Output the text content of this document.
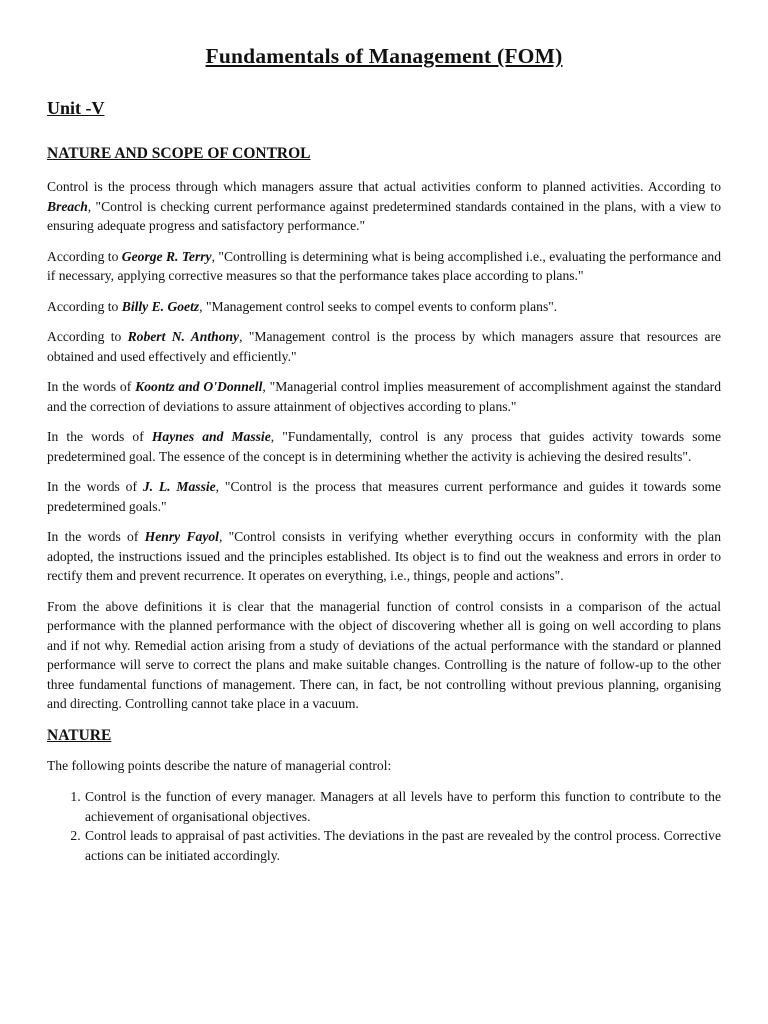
Fundamentals of Management (FOM)
Unit -V
NATURE AND SCOPE OF CONTROL

Control is the process through which managers assure that actual activities conform to planned activities. According to Breach, "Control is checking current performance against predetermined standards contained in the plans, with a view to ensuring adequate progress and satisfactory performance."

According to George R. Terry, "Controlling is determining what is being accomplished i.e., evaluating the performance and if necessary, applying corrective measures so that the performance takes place according to plans."

According to Billy E. Goetz, "Management control seeks to compel events to conform plans".

According to Robert N. Anthony, "Management control is the process by which managers assure that resources are obtained and used effectively and efficiently."

In the words of Koontz and O'Donnell, "Managerial control implies measurement of accomplishment against the standard and the correction of deviations to assure attainment of objectives according to plans."

In the words of Haynes and Massie, "Fundamentally, control is any process that guides activity towards some predetermined goal. The essence of the concept is in determining whether the activity is achieving the desired results".

In the words of J. L. Massie, "Control is the process that measures current performance and guides it towards some predetermined goals."

In the words of Henry Fayol, "Control consists in verifying whether everything occurs in conformity with the plan adopted, the instructions issued and the principles established. Its object is to find out the weakness and errors in order to rectify them and prevent recurrence. It operates on everything, i.e., things, people and actions".

From the above definitions it is clear that the managerial function of control consists in a comparison of the actual performance with the planned performance with the object of discovering whether all is going on well according to plans and if not why. Remedial action arising from a study of deviations of the actual performance with the standard or planned performance will serve to correct the plans and make suitable changes. Controlling is the nature of follow-up to the other three fundamental functions of management. There can, in fact, be not controlling without previous planning, organising and directing. Controlling cannot take place in a vacuum.

NATURE

The following points describe the nature of managerial control:

1. Control is the function of every manager. Managers at all levels have to perform this function to contribute to the achievement of organisational objectives.
2. Control leads to appraisal of past activities. The deviations in the past are revealed by the control process. Corrective actions can be initiated accordingly.
